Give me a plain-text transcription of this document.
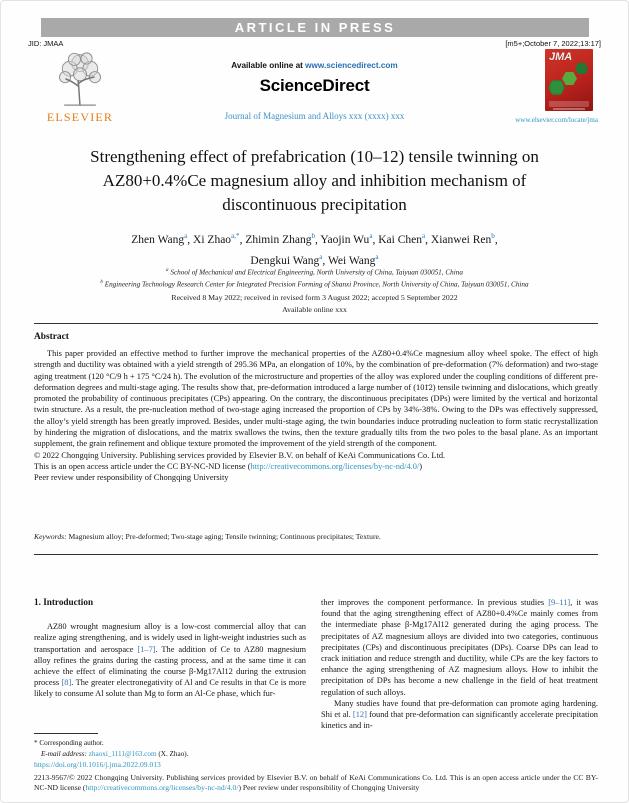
ARTICLE IN PRESS
JID: JMAA	[m5+;October 7, 2022;13:17]
ELSEVIER
Available online at www.sciencedirect.com
ScienceDirect
Journal of Magnesium and Alloys xxx (xxxx) xxx
JMA
www.elsevier.com/locate/jma
Strengthening effect of prefabrication (10–12) tensile twinning on
AZ80+0.4%Ce magnesium alloy and inhibition mechanism of
discontinuous precipitation
Zhen Wang$^a$, Xi Zhao$^{a,*}$, Zhimin Zhang$^b$, Yaojin Wu$^a$, Kai Chen$^a$, Xianwei Ren$^b$,
Dengkui Wang$^a$, Wei Wang$^a$
$^a$ School of Mechanical and Electrical Engineering, North University of China, Taiyuan 030051, China
$^b$ Engineering Technology Research Center for Integrated Precision Forming of Shanxi Province, North University of China, Taiyuan 030051, China
Received 8 May 2022; received in revised form 3 August 2022; accepted 5 September 2022
Available online xxx
Abstract

This paper provided an effective method to further improve the mechanical properties of the AZ80+0.4%Ce magnesium alloy wheel spoke. The effect of high strength and ductility was obtained with a yield strength of 295.36 MPa, an elongation of 10%, by the combination of pre-deformation (7% deformation) and two-stage aging treatment (120 °C/9 h + 175 °C/24 h). The evolution of the microstructure and properties of the alloy was explored under the coupling conditions of different pre-deformation degrees and multi-stage aging. The results show that, pre-deformation introduced a large number of (101̄2) tensile twinning and dislocations, which greatly promoted the probability of continuous precipitates (CPs) appearing. On the contrary, the discontinuous precipitates (DPs) were limited by the vertical and horizontal twin structure. As a result, the pre-nucleation method of two-stage aging increased the proportion of CPs by 34%-38%. Owing to the DPs was effectively suppressed, the alloy’s yield strength has been greatly improved. Besides, under multi-stage aging, the twin boundaries induce protruding nucleation to form static recrystallization by hindering the migration of dislocations, and the matrix swallows the twins, then the texture gradually tilts from the two poles to the basal plane. As an important supplement, the grain refinement and oblique texture promoted the improvement of the yield strength of the component.

© 2022 Chongqing University. Publishing services provided by Elsevier B.V. on behalf of KeAi Communications Co. Ltd.
This is an open access article under the CC BY-NC-ND license (http://creativecommons.org/licenses/by-nc-nd/4.0/)
Peer review under responsibility of Chongqing University
Keywords: Magnesium alloy; Pre-deformed; Two-stage aging; Tensile twinning; Continuous precipitates; Texture.
1. Introduction

AZ80 wrought magnesium alloy is a low-cost commercial alloy that can realize aging strengthening, and is widely used in light-weight industries such as transportation and aerospace [1–7]. The addition of Ce to AZ80 magnesium alloy refines the grains during the casting process, and at the same time it can achieve the effect of eliminating the course β-Mg17Al12 during the extrusion process [8]. The greater electronegativity of Al and Ce results in that Ce is more likely to consume Al solute than Mg to form an Al-Ce phase, which fur-

* Corresponding author.
E-mail address: zhaoxi_1111@163.com (X. Zhao).

ther improves the component performance. In previous studies [9–11], it was found that the aging strengthening effect of AZ80+0.4%Ce mainly comes from the intermediate phase β-Mg17Al12 generated during the aging process. The precipitates of AZ magnesium alloys are divided into two categories, continuous precipitates (CPs) and discontinuous precipitates (DPs). Coarse DPs can lead to crack initiation and reduce strength and ductility, while CPs are the key factors to enhance the aging strengthening of AZ magnesium alloys. How to inhibit the precipitation of DPs has become a new challenge in the field of heat treatment regulation of such alloys.

Many studies have found that pre-deformation can promote aging hardening. Shi et al. [12] found that pre-deformation can significantly accelerate precipitation kinetics and in-

https://doi.org/10.1016/j.jma.2022.09.013

2213-9567/© 2022 Chongqing University. Publishing services provided by Elsevier B.V. on behalf of KeAi Communications Co. Ltd. This is an open access article under the CC BY-NC-ND license (http://creativecommons.org/licenses/by-nc-nd/4.0/) Peer review under responsibility of Chongqing University
